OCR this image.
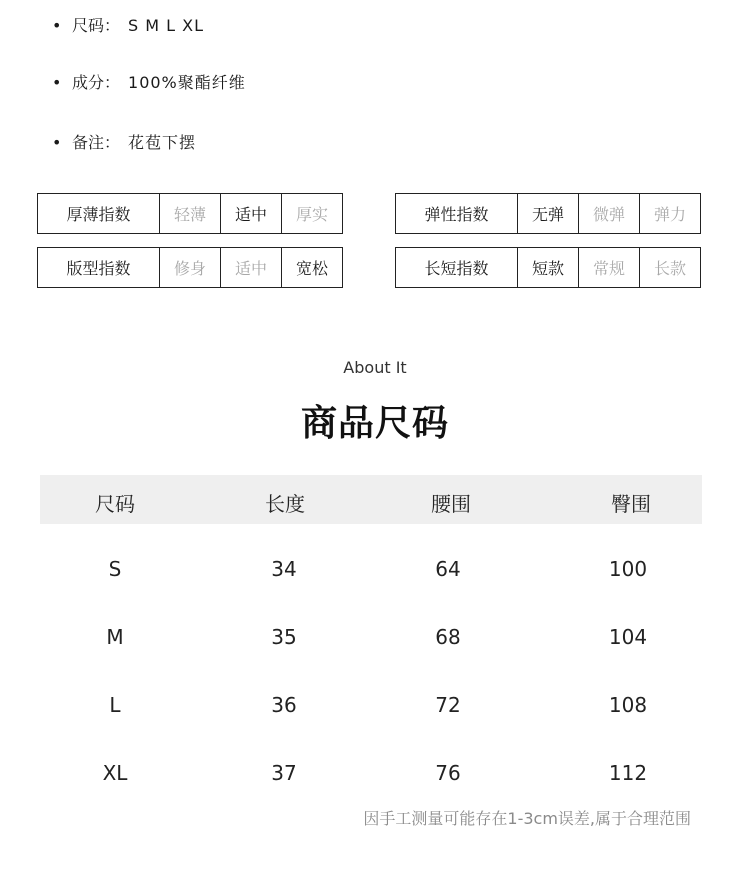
• 尺码： S M L XL
• 成分： 100%聚酯纤维
• 备注： 花苞下摆
厚薄指数	轻薄	适中	厚实	弹性指数	无弹	微弹	弹力
版型指数	修身	适中	宽松	长短指数	短款	常规	长款
About It
商品尺码
尺码	长度	腰围	臀围
S	34	64	100
M	35	68	104
L	36	72	108
XL	37	76	112
因手工测量可能存在1-3cm误差,属于合理范围
